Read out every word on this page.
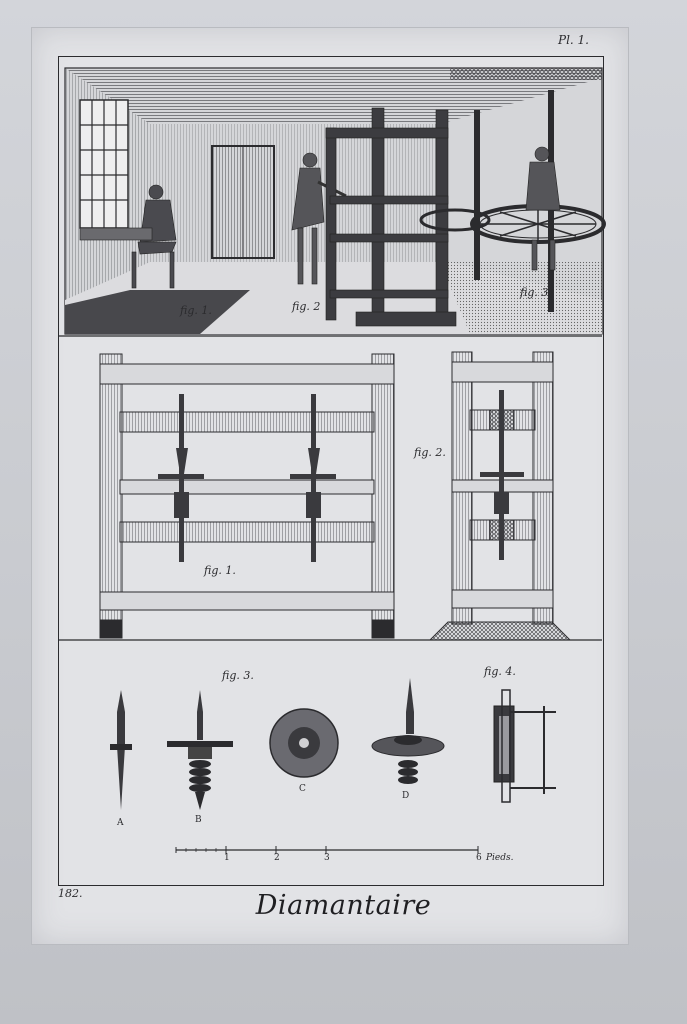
Pl. 1.
182.	Diamantaire
fig. 1.	fig. 2
fig. 3
fig. 1.
fig. 2.
fig. 3.	fig. 4.
A	B
C
D
1	2	3	6 Pieds.
